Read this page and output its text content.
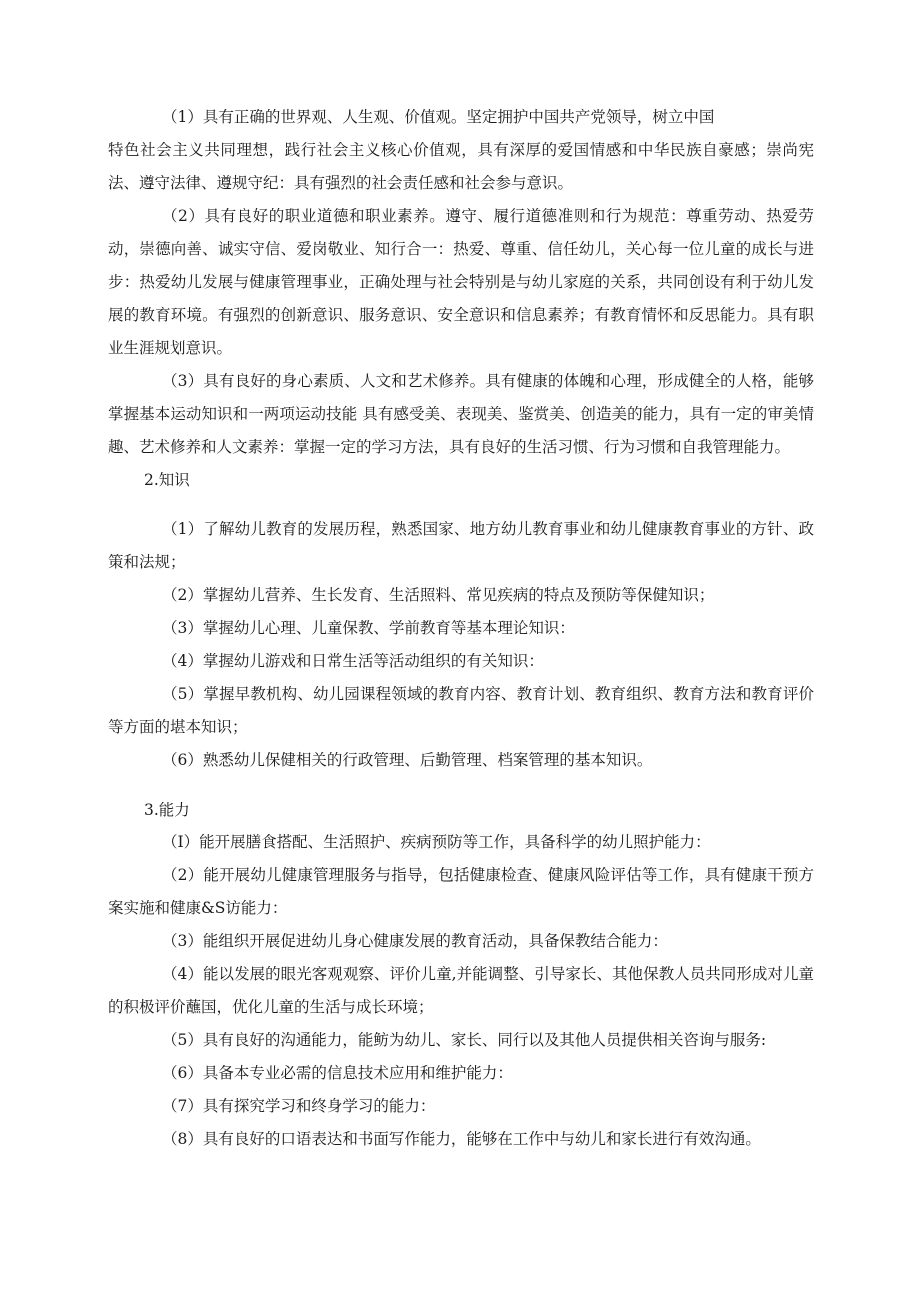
（1）具有正确的世界观、人生观、价值观。坚定拥护中国共产党领导，树立中国

特色社会主义共同理想，践行社会主义核心价值观，具有深厚的爱国情感和中华民族自豪感；崇尚宪法、遵守法律、遵规守纪：具有强烈的社会责任感和社会参与意识。

（2）具有良好的职业道德和职业素养。遵守、履行道德准则和行为规范：尊重劳动、热爱劳动，崇德向善、诚实守信、爱岗敬业、知行合一：热爱、尊重、信任幼儿，关心每一位儿童的成长与进步：热爱幼儿发展与健康管理事业，正确处理与社会特别是与幼儿家庭的关系，共同创设有利于幼儿发展的教育环境。有强烈的创新意识、服务意识、安全意识和信息素养；有教育情怀和反思能力。具有职业生涯规划意识。

（3）具有良好的身心素质、人文和艺术修养。具有健康的体魄和心理，形成健全的人格，能够掌握基本运动知识和一两项运动技能 具有感受美、表现美、鉴赏美、创造美的能力，具有一定的审美情趣、艺术修养和人文素养：掌握一定的学习方法，具有良好的生活习惯、行为习惯和自我管理能力。

2.知识

（1）了解幼儿教育的发展历程，熟悉国家、地方幼儿教育事业和幼儿健康教育事业的方针、政策和法规；

（2）掌握幼儿营养、生长发育、生活照料、常见疾病的特点及预防等保健知识；

（3）掌握幼儿心理、儿童保教、学前教育等基本理论知识：

（4）掌握幼儿游戏和日常生活等活动组织的有关知识：

（5）掌握早教机构、幼儿园课程领域的教育内容、教育计划、教育组织、教育方法和教育评价等方面的堪本知识；

（6）熟悉幼儿保健相关的行政管理、后勤管理、档案管理的基本知识。

3.能力

（I）能开展膳食搭配、生活照护、疾病预防等工作，具备科学的幼儿照护能力：

（2）能开展幼儿健康管理服务与指导，包括健康检查、健康风险评估等工作，具有健康干预方案实施和健康&S访能力：

（3）能组织开展促进幼儿身心健康发展的教育活动，具备保教结合能力：

（4）能以发展的眼光客观观察、评价儿童,并能调整、引导家长、其他保教人员共同形成对儿童的积极评价蘸国，优化儿童的生活与成长环境；

（5）具有良好的沟通能力，能鲂为幼儿、家长、同行以及其他人员提供相关咨询与服务:

（6）具备本专业必需的信息技术应用和维护能力：

（7）具有探究学习和终身学习的能力：

（8）具有良好的口语表达和书面写作能力，能够在工作中与幼儿和家长进行有效沟通。
